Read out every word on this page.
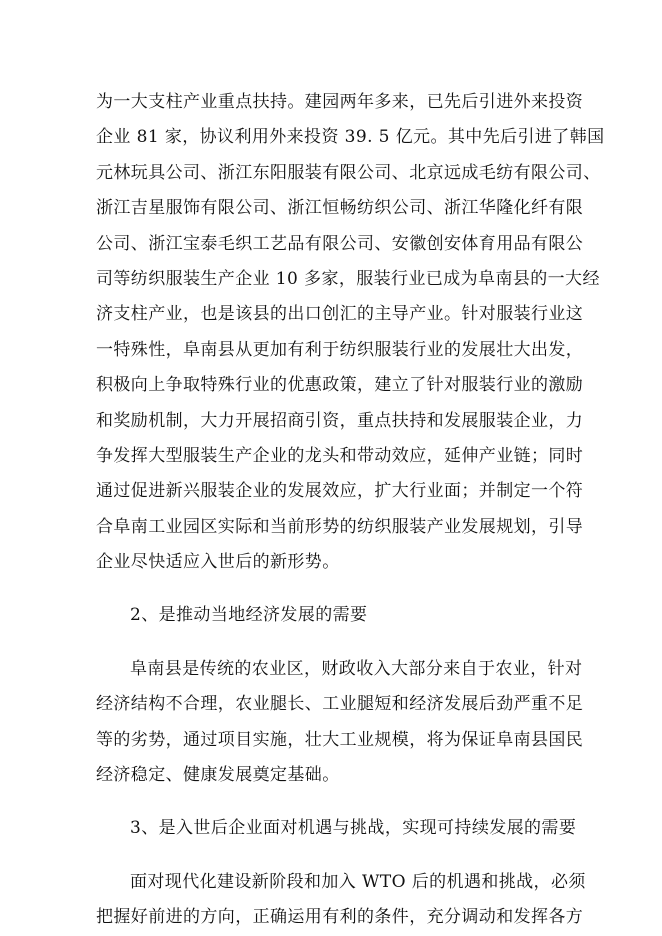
为一大支柱产业重点扶持。建园两年多来，已先后引进外来投资
企业 81 家，协议利用外来投资 39. 5 亿元。其中先后引进了韩国
元林玩具公司、浙江东阳服装有限公司、北京远成毛纺有限公司、
浙江吉星服饰有限公司、浙江恒畅纺织公司、浙江华隆化纤有限
公司、浙江宝泰毛织工艺品有限公司、安徽创安体育用品有限公
司等纺织服装生产企业 10 多家，服装行业已成为阜南县的一大经
济支柱产业，也是该县的出口创汇的主导产业。针对服装行业这
一特殊性，阜南县从更加有利于纺织服装行业的发展壮大出发，
积极向上争取特殊行业的优惠政策，建立了针对服装行业的激励
和奖励机制，大力开展招商引资，重点扶持和发展服装企业，力
争发挥大型服装生产企业的龙头和带动效应，延伸产业链；同时
通过促进新兴服装企业的发展效应，扩大行业面；并制定一个符
合阜南工业园区实际和当前形势的纺织服装产业发展规划，引导
企业尽快适应入世后的新形势。
2、是推动当地经济发展的需要
阜南县是传统的农业区，财政收入大部分来自于农业，针对
经济结构不合理，农业腿长、工业腿短和经济发展后劲严重不足
等的劣势，通过项目实施，壮大工业规模，将为保证阜南县国民
经济稳定、健康发展奠定基础。
3、是入世后企业面对机遇与挑战，实现可持续发展的需要
面对现代化建设新阶段和加入 WTO 后的机遇和挑战，必须
把握好前进的方向，正确运用有利的条件，充分调动和发挥各方
